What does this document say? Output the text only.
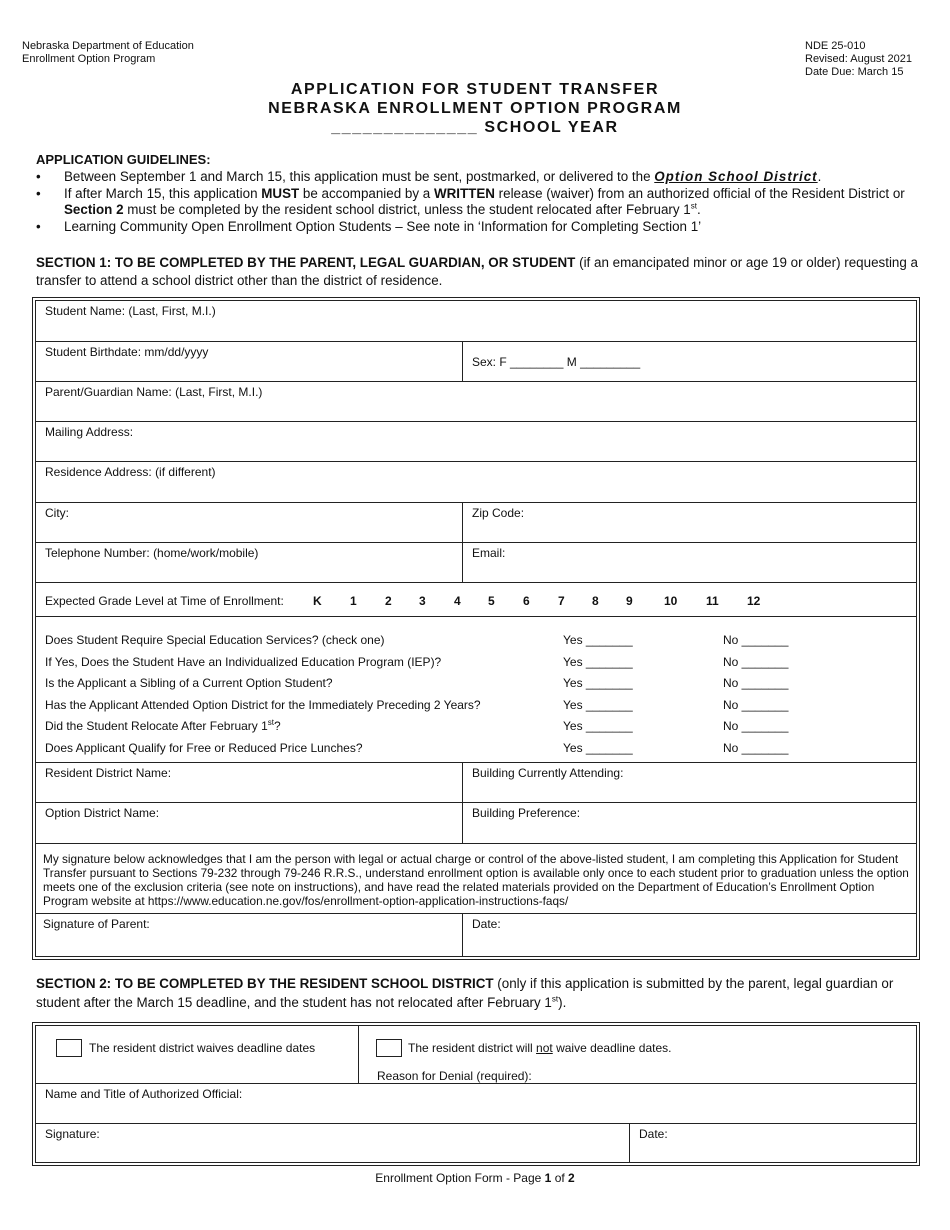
Nebraska Department of Education
Enrollment Option Program
NDE 25-010
Revised: August 2021
Date Due: March 15
APPLICATION FOR STUDENT TRANSFER
NEBRASKA ENROLLMENT OPTION PROGRAM
______________ SCHOOL YEAR
APPLICATION GUIDELINES:
• Between September 1 and March 15, this application must be sent, postmarked, or delivered to the Option School District.
• If after March 15, this application MUST be accompanied by a WRITTEN release (waiver) from an authorized official of the Resident District or Section 2 must be completed by the resident school district, unless the student relocated after February 1st.
• Learning Community Open Enrollment Option Students – See note in ‘Information for Completing Section 1’
SECTION 1: TO BE COMPLETED BY THE PARENT, LEGAL GUARDIAN, OR STUDENT (if an emancipated minor or age 19 or older) requesting a transfer to attend a school district other than the district of residence.
Student Name: (Last, First, M.I.)
Student Birthdate: mm/dd/yyyy
Sex: F ________ M _________
Parent/Guardian Name: (Last, First, M.I.)
Mailing Address:
Residence Address: (if different)
City:	Zip Code:
Telephone Number: (home/work/mobile)	Email:
Expected Grade Level at Time of Enrollment: K 1 2 3 4 5 6 7 8 9	10 11 12
Does Student Require Special Education Services? (check one)	Yes _______	No _______
If Yes, Does the Student Have an Individualized Education Program (IEP)?	Yes _______	No _______
Is the Applicant a Sibling of a Current Option Student?	Yes _______	No _______
Has the Applicant Attended Option District for the Immediately Preceding 2 Years?	Yes _______	No _______
Did the Student Relocate After February 1st?	Yes _______	No _______
Does Applicant Qualify for Free or Reduced Price Lunches?	Yes _______	No _______
Resident District Name:	Building Currently Attending:
Option District Name:	Building Preference:
My signature below acknowledges that I am the person with legal or actual charge or control of the above-listed student, I am completing this Application for Student Transfer pursuant to Sections 79-232 through 79-246 R.R.S., understand enrollment option is available only once to each student prior to graduation unless the option meets one of the exclusion criteria (see note on instructions), and have read the related materials provided on the Department of Education’s Enrollment Option Program website at https://www.education.ne.gov/fos/enrollment-option-application-instructions-faqs/
Signature of Parent:	Date:
SECTION 2: TO BE COMPLETED BY THE RESIDENT SCHOOL DISTRICT (only if this application is submitted by the parent, legal guardian or student after the March 15 deadline, and the student has not relocated after February 1st).
The resident district waives deadline dates	The resident district will not waive deadline dates.
Reason for Denial (required):
Name and Title of Authorized Official:
Signature:	Date:
Enrollment Option Form - Page 1 of 2
